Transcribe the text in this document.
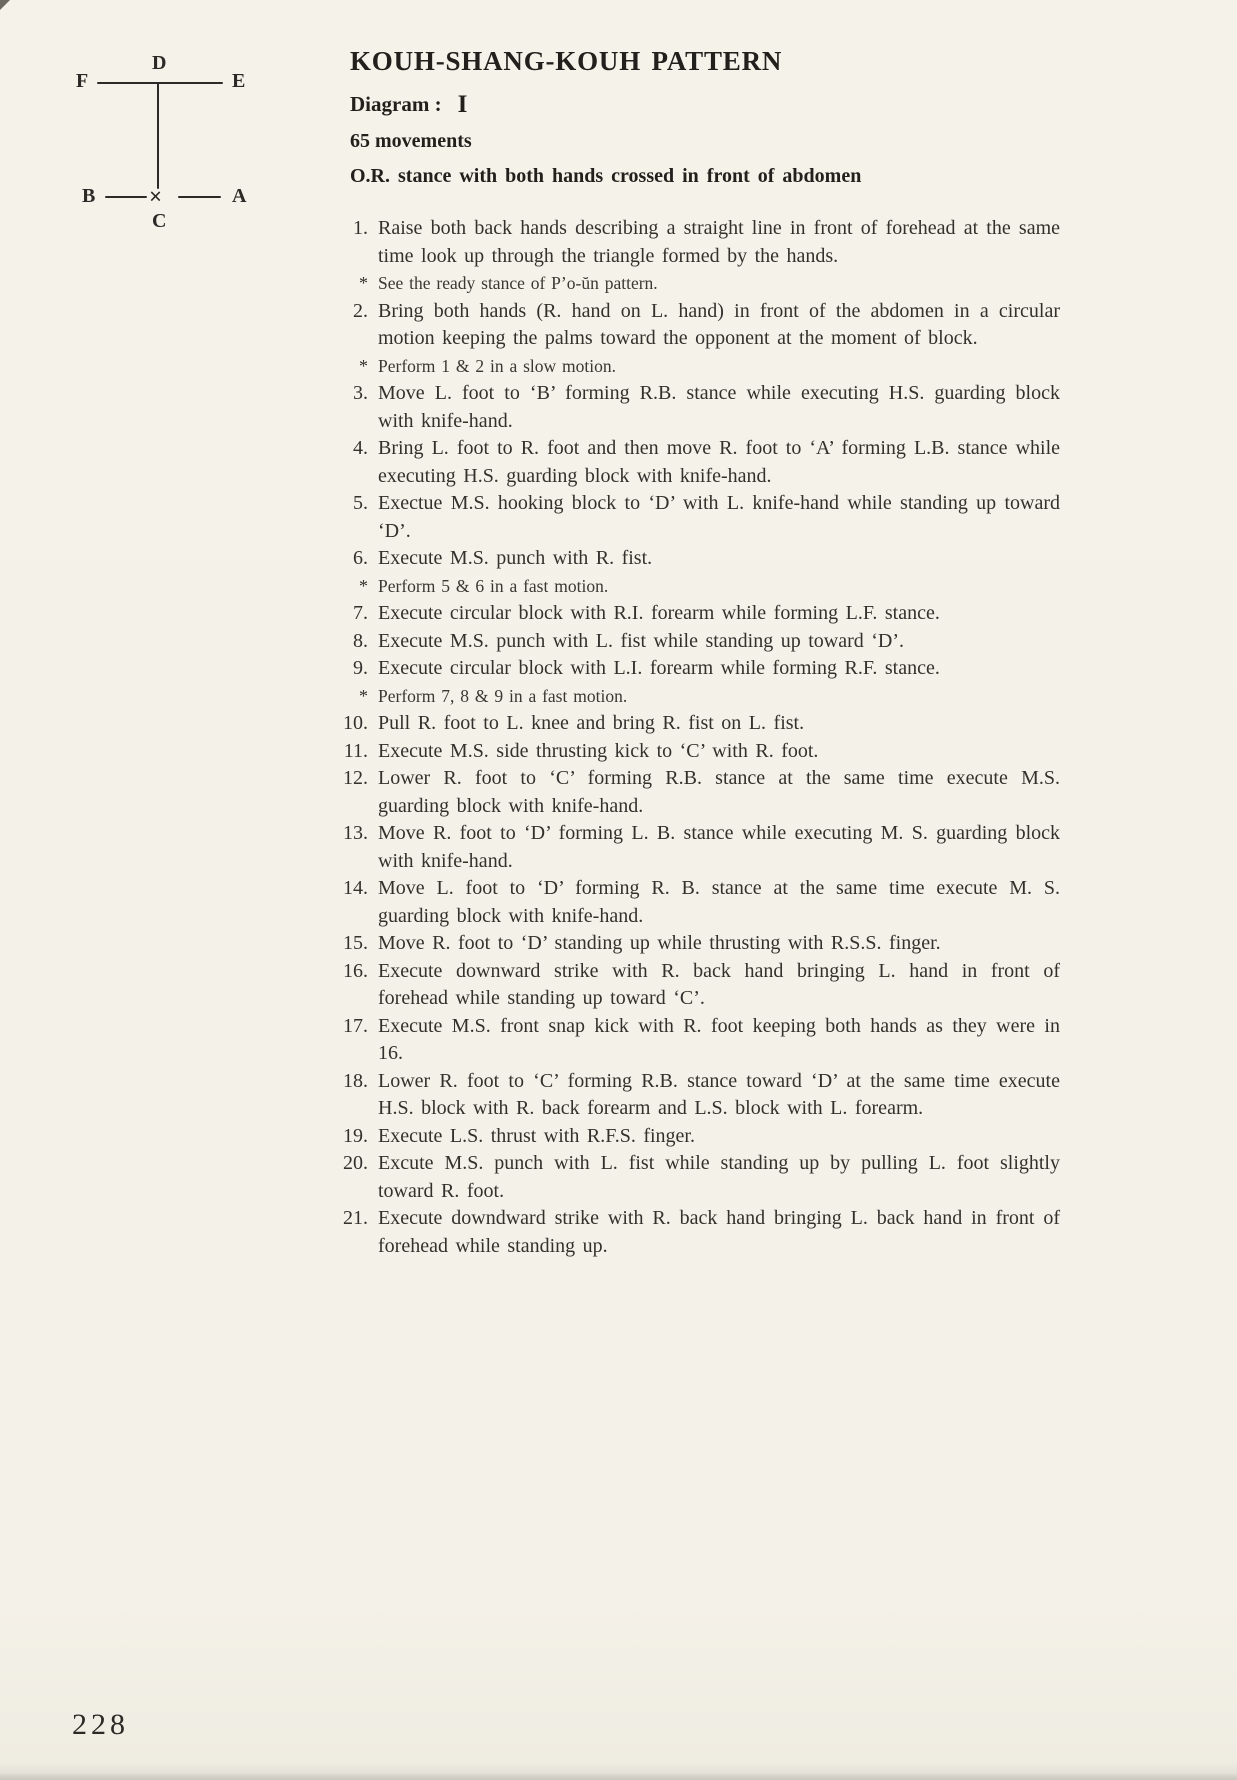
D
F	E
B ×	A
C
KOUH-SHANG-KOUH PATTERN
Diagram : I
65 movements
O.R. stance with both hands crossed in front of abdomen
1. Raise both back hands describing a straight line in front of forehead at the same time look up through the triangle formed by the hands.
* See the ready stance of P’o-ŭn pattern.
2. Bring both hands (R. hand on L. hand) in front of the abdomen in a circular motion keeping the palms toward the opponent at the moment of block.
* Perform 1 & 2 in a slow motion.
3. Move L. foot to ‘B’ forming R.B. stance while executing H.S. guarding block with knife-hand.
4. Bring L. foot to R. foot and then move R. foot to ‘A’ forming L.B. stance while executing H.S. guarding block with knife-hand.
5. Exectue M.S. hooking block to ‘D’ with L. knife-hand while standing up toward ‘D’.
6. Execute M.S. punch with R. fist.
* Perform 5 & 6 in a fast motion.
7. Execute circular block with R.I. forearm while forming L.F. stance.
8. Execute M.S. punch with L. fist while standing up toward ‘D’.
9. Execute circular block with L.I. forearm while forming R.F. stance.
* Perform 7, 8 & 9 in a fast motion.
10. Pull R. foot to L. knee and bring R. fist on L. fist.
11. Execute M.S. side thrusting kick to ‘C’ with R. foot.
12. Lower R. foot to ‘C’ forming R.B. stance at the same time execute M.S. guarding block with knife-hand.
13. Move R. foot to ‘D’ forming L. B. stance while executing M. S. guarding block with knife-hand.
14. Move L. foot to ‘D’ forming R. B. stance at the same time execute M. S. guarding block with knife-hand.
15. Move R. foot to ‘D’ standing up while thrusting with R.S.S. finger.
16. Execute downward strike with R. back hand bringing L. hand in front of forehead while standing up toward ‘C’.
17. Execute M.S. front snap kick with R. foot keeping both hands as they were in 16.
18. Lower R. foot to ‘C’ forming R.B. stance toward ‘D’ at the same time execute H.S. block with R. back forearm and L.S. block with L. forearm.
19. Execute L.S. thrust with R.F.S. finger.
20. Excute M.S. punch with L. fist while standing up by pulling L. foot slightly toward R. foot.
21. Execute downdward strike with R. back hand bringing L. back hand in front of forehead while standing up.
228
